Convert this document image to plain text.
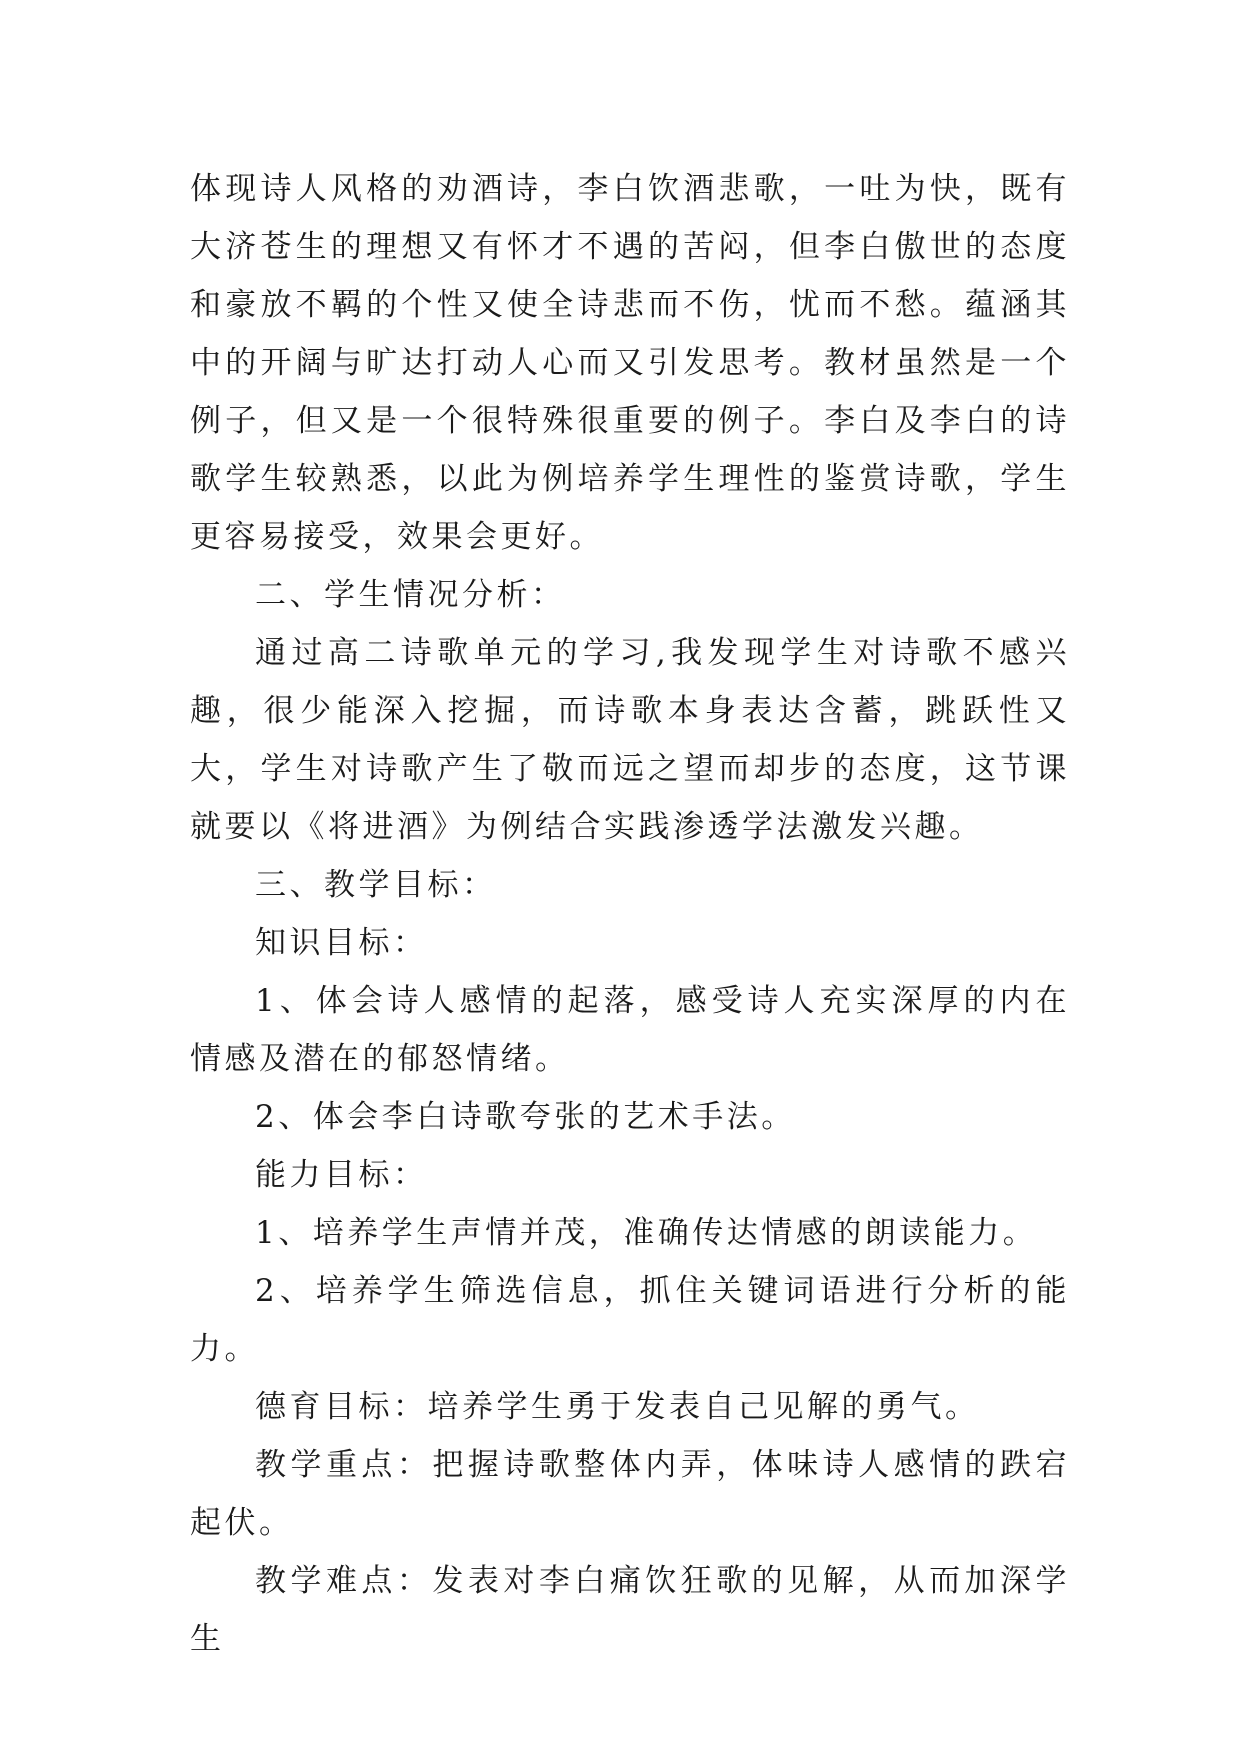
体现诗人风格的劝酒诗，李白饮酒悲歌，一吐为快，既有大济苍生的理想又有怀才不遇的苦闷，但李白傲世的态度和豪放不羁的个性又使全诗悲而不伤，忧而不愁。蕴涵其中的开阔与旷达打动人心而又引发思考。教材虽然是一个例子，但又是一个很特殊很重要的例子。李白及李白的诗歌学生较熟悉，以此为例培养学生理性的鉴赏诗歌，学生更容易接受，效果会更好。

二、学生情况分析：

通过高二诗歌单元的学习,我发现学生对诗歌不感兴趣，很少能深入挖掘，而诗歌本身表达含蓄，跳跃性又大，学生对诗歌产生了敬而远之望而却步的态度，这节课就要以《将进酒》为例结合实践渗透学法激发兴趣。

三、教学目标：

知识目标：

1、体会诗人感情的起落，感受诗人充实深厚的内在情感及潜在的郁怒情绪。

2、体会李白诗歌夸张的艺术手法。

能力目标：

1、培养学生声情并茂，准确传达情感的朗读能力。

2、培养学生筛选信息，抓住关键词语进行分析的能力。

德育目标：培养学生勇于发表自己见解的勇气。

教学重点：把握诗歌整体内弄，体味诗人感情的跌宕起伏。

教学难点：发表对李白痛饮狂歌的见解，从而加深学生
